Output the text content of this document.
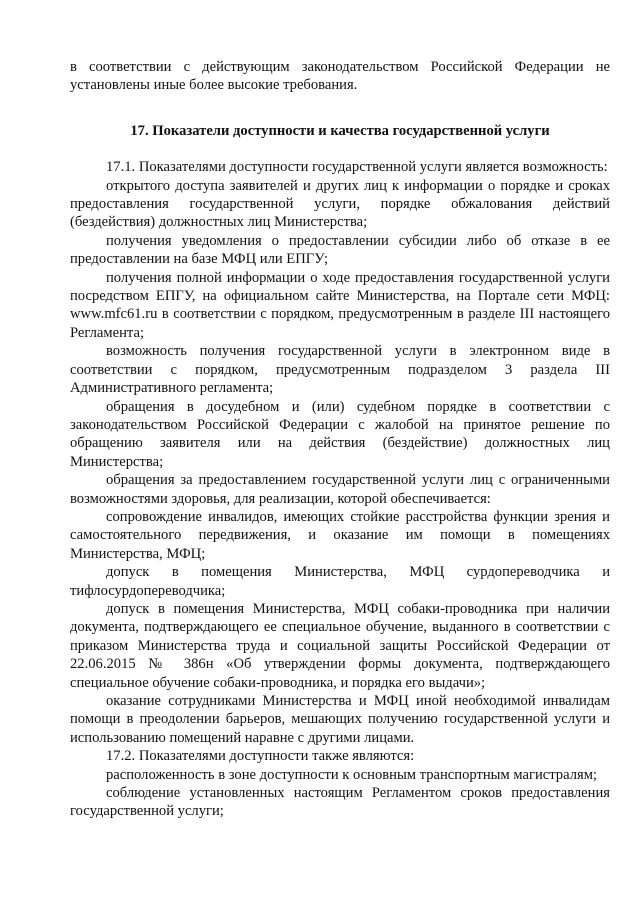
в соответствии с действующим законодательством Российской Федерации не установлены иные более высокие требования.

17. Показатели доступности и качества государственной услуги

17.1. Показателями доступности государственной услуги является возможность:

открытого доступа заявителей и других лиц к информации о порядке и сроках предоставления государственной услуги, порядке обжалования действий (бездействия) должностных лиц Министерства;

получения уведомления о предоставлении субсидии либо об отказе в ее предоставлении на базе МФЦ или ЕПГУ;

получения полной информации о ходе предоставления государственной услуги посредством ЕПГУ, на официальном сайте Министерства, на Портале сети МФЦ: www.mfc61.ru в соответствии с порядком, предусмотренным в разделе III настоящего Регламента;

возможность получения государственной услуги в электронном виде в соответствии с порядком, предусмотренным подразделом 3 раздела III Административного регламента;

обращения в досудебном и (или) судебном порядке в соответствии с законодательством Российской Федерации с жалобой на принятое решение по обращению заявителя или на действия (бездействие) должностных лиц Министерства;

обращения за предоставлением государственной услуги лиц с ограниченными возможностями здоровья, для реализации, которой обеспечивается:

сопровождение инвалидов, имеющих стойкие расстройства функции зрения и самостоятельного передвижения, и оказание им помощи в помещениях Министерства, МФЦ;

допуск в помещения Министерства, МФЦ сурдопереводчика и тифлосурдопереводчика;

допуск в помещения Министерства, МФЦ собаки-проводника при наличии документа, подтверждающего ее специальное обучение, выданного в соответствии с приказом Министерства труда и социальной защиты Российской Федерации от 22.06.2015 № 386н «Об утверждении формы документа, подтверждающего специальное обучение собаки-проводника, и порядка его выдачи»;

оказание сотрудниками Министерства и МФЦ иной необходимой инвалидам помощи в преодолении барьеров, мешающих получению государственной услуги и использованию помещений наравне с другими лицами.

17.2. Показателями доступности также являются:

расположенность в зоне доступности к основным транспортным магистралям;

соблюдение установленных настоящим Регламентом сроков предоставления государственной услуги;
